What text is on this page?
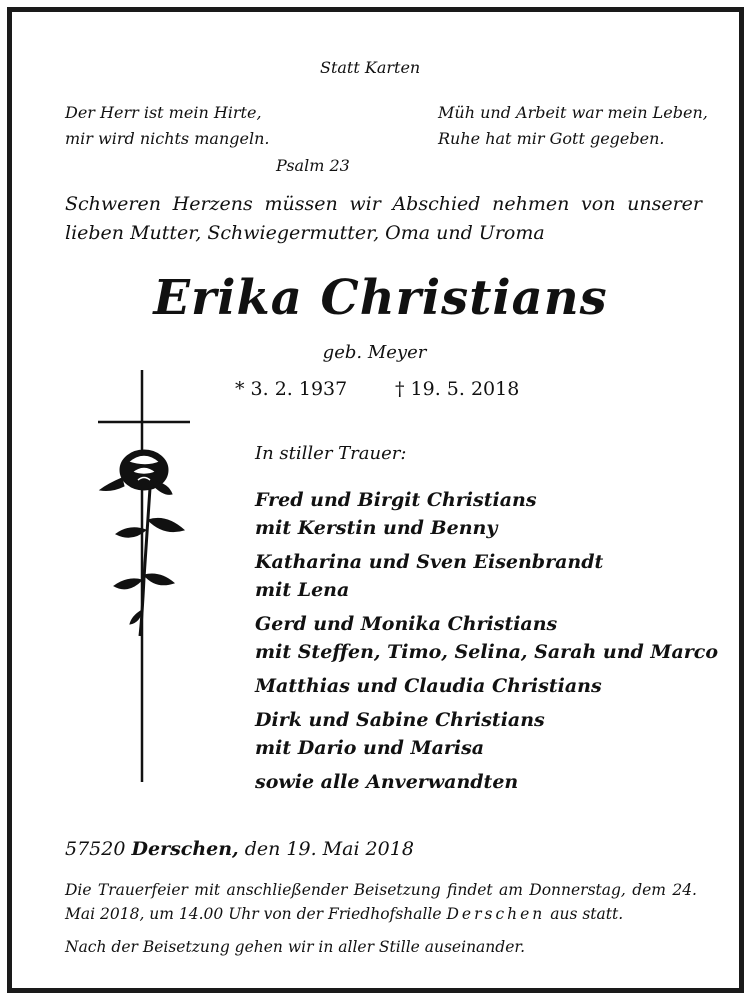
Statt Karten
Der Herr ist mein Hirte,
mir wird nichts mangeln.
Müh und Arbeit war mein Leben,
Ruhe hat mir Gott gegeben.
Psalm 23
Schweren Herzens müssen wir Abschied nehmen von unserer lieben Mutter, Schwiegermutter, Oma und Uroma
Erika Christians
geb. Meyer
* 3. 2. 1937	† 19. 5. 2018
In stiller Trauer:
Fred und Birgit Christians
mit Kerstin und Benny
Katharina und Sven Eisenbrandt
mit Lena
Gerd und Monika Christians
mit Steffen, Timo, Selina, Sarah und Marco
Matthias und Claudia Christians
Dirk und Sabine Christians
mit Dario und Marisa
sowie alle Anverwandten
57520 Derschen, den 19. Mai 2018
Die Trauerfeier mit anschließender Beisetzung findet am Donnerstag, dem 24. Mai 2018, um 14.00 Uhr von der Friedhofshalle Derschen aus statt.
Nach der Beisetzung gehen wir in aller Stille auseinander.
